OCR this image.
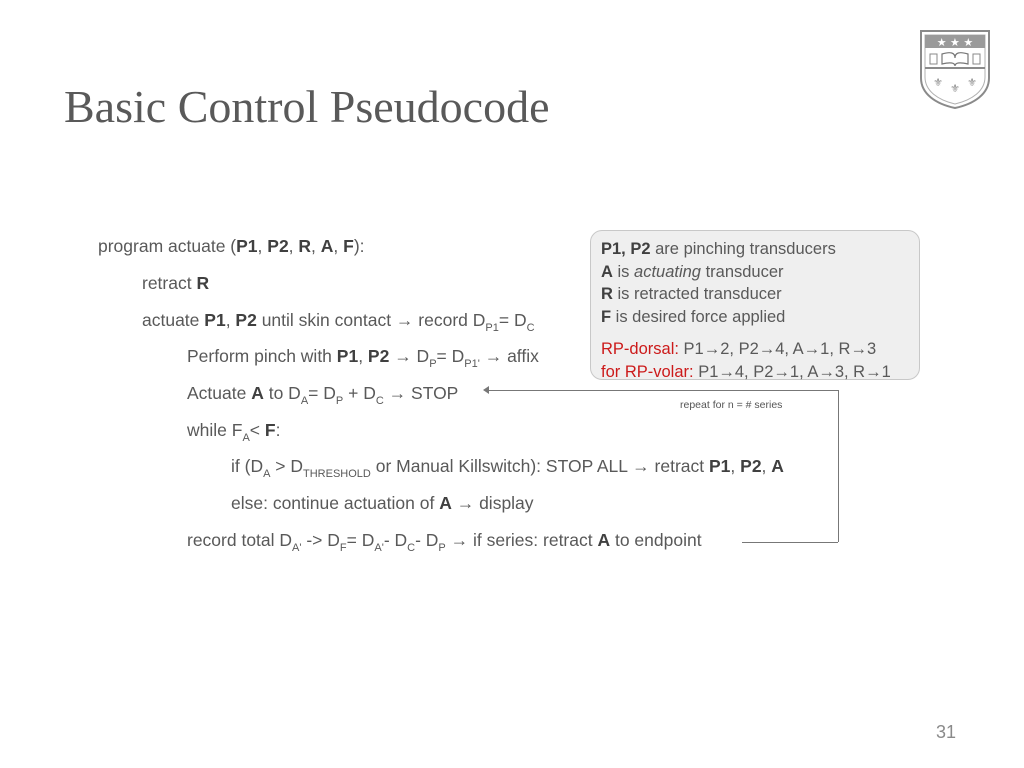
Basic Control Pseudocode
★ ★ ★
⚜ ⚜ ⚜
program actuate (P1, P2, R, A, F):
retract R
actuate P1, P2 until skin contact → record $D_{P1}= D_C$
Perform pinch with P1, $P2 \to D_P= D_{P1'}$ → affix
Actuate A to $D_A= D_P + D_C$ → STOP
while $F_A< F$:
if ($D_A > D_{THRESHOLD}$ or Manual Killswitch): STOP ALL → retract P1, P2, A
else: continue actuation of A → display
record total $D_{A'} -> D_F= D_{A'}-$ $D_C-$ $D_P$ → if series: retract A to endpoint
repeat for n = # series
P1, P2 are pinching transducers
A is actuating transducer
R is retracted transducer
F is desired force applied
RP-dorsal: P1→2, P2→4, A→1, R→3
for RP-volar: P1→4, P2→1, A→3, R→1
31
